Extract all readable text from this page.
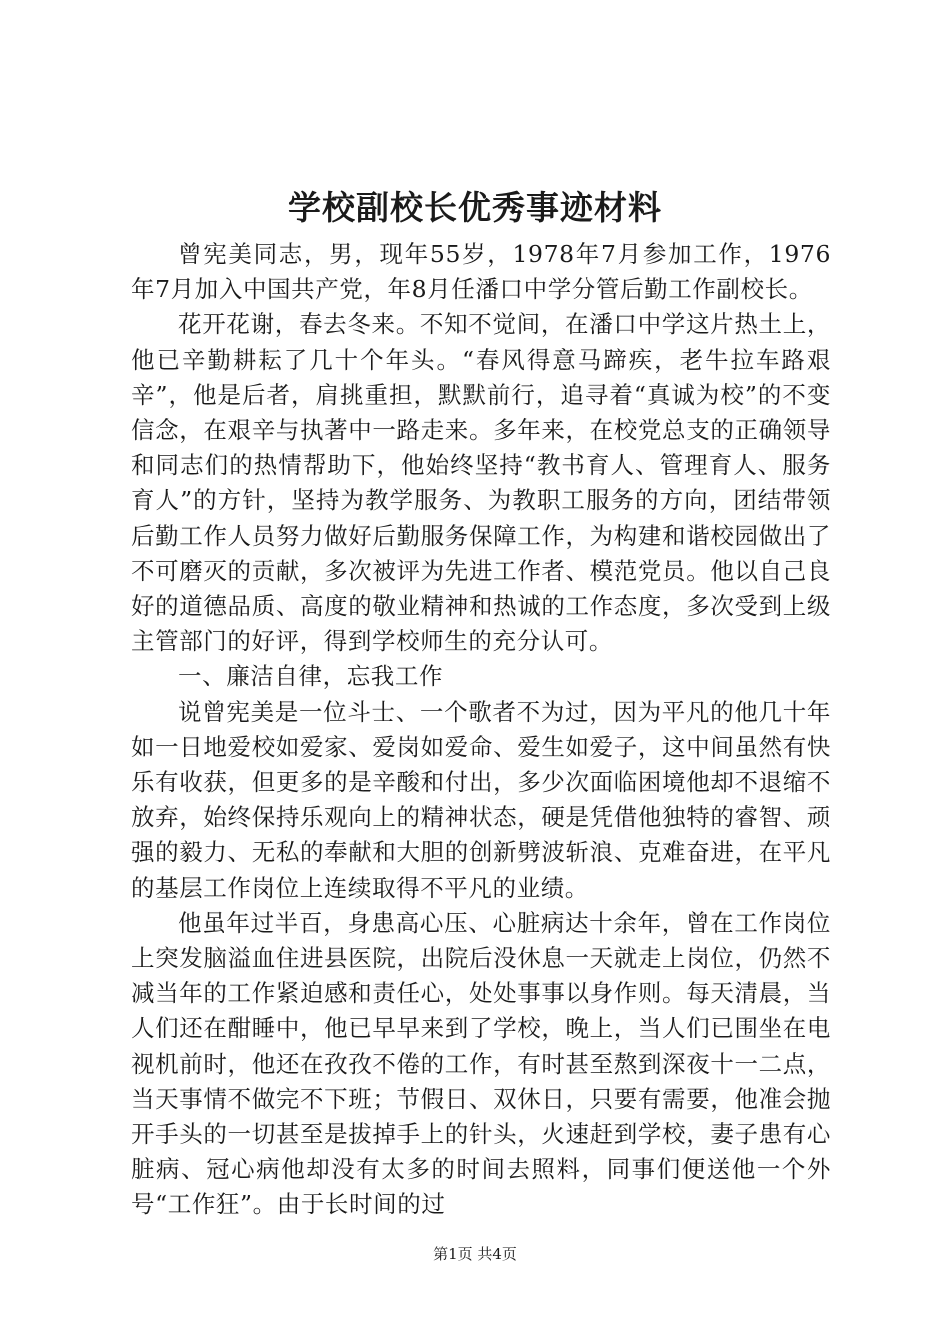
学校副校长优秀事迹材料

曾宪美同志，男，现年55岁，1978年7月参加工作，1976年7月加入中国共产党，年8月任潘口中学分管后勤工作副校长。

花开花谢，春去冬来。不知不觉间，在潘口中学这片热土上，他已辛勤耕耘了几十个年头。“春风得意马蹄疾，老牛拉车路艰辛”，他是后者，肩挑重担，默默前行，追寻着“真诚为校”的不变信念，在艰辛与执著中一路走来。多年来，在校党总支的正确领导和同志们的热情帮助下，他始终坚持“教书育人、管理育人、服务育人”的方针，坚持为教学服务、为教职工服务的方向，团结带领后勤工作人员努力做好后勤服务保障工作，为构建和谐校园做出了不可磨灭的贡献，多次被评为先进工作者、模范党员。他以自己良好的道德品质、高度的敬业精神和热诚的工作态度，多次受到上级主管部门的好评，得到学校师生的充分认可。

一、廉洁自律，忘我工作

说曾宪美是一位斗士、一个歌者不为过，因为平凡的他几十年如一日地爱校如爱家、爱岗如爱命、爱生如爱子，这中间虽然有快乐有收获，但更多的是辛酸和付出，多少次面临困境他却不退缩不放弃，始终保持乐观向上的精神状态，硬是凭借他独特的睿智、顽强的毅力、无私的奉献和大胆的创新劈波斩浪、克难奋进，在平凡的基层工作岗位上连续取得不平凡的业绩。

他虽年过半百，身患高心压、心脏病达十余年，曾在工作岗位上突发脑溢血住进县医院，出院后没休息一天就走上岗位，仍然不减当年的工作紧迫感和责任心，处处事事以身作则。每天清晨，当人们还在酣睡中，他已早早来到了学校，晚上，当人们已围坐在电视机前时，他还在孜孜不倦的工作，有时甚至熬到深夜十一二点，当天事情不做完不下班；节假日、双休日，只要有需要，他准会抛开手头的一切甚至是拔掉手上的针头，火速赶到学校，妻子患有心脏病、冠心病他却没有太多的时间去照料，同事们便送他一个外号“工作狂”。由于长时间的过

第1页 共4页
